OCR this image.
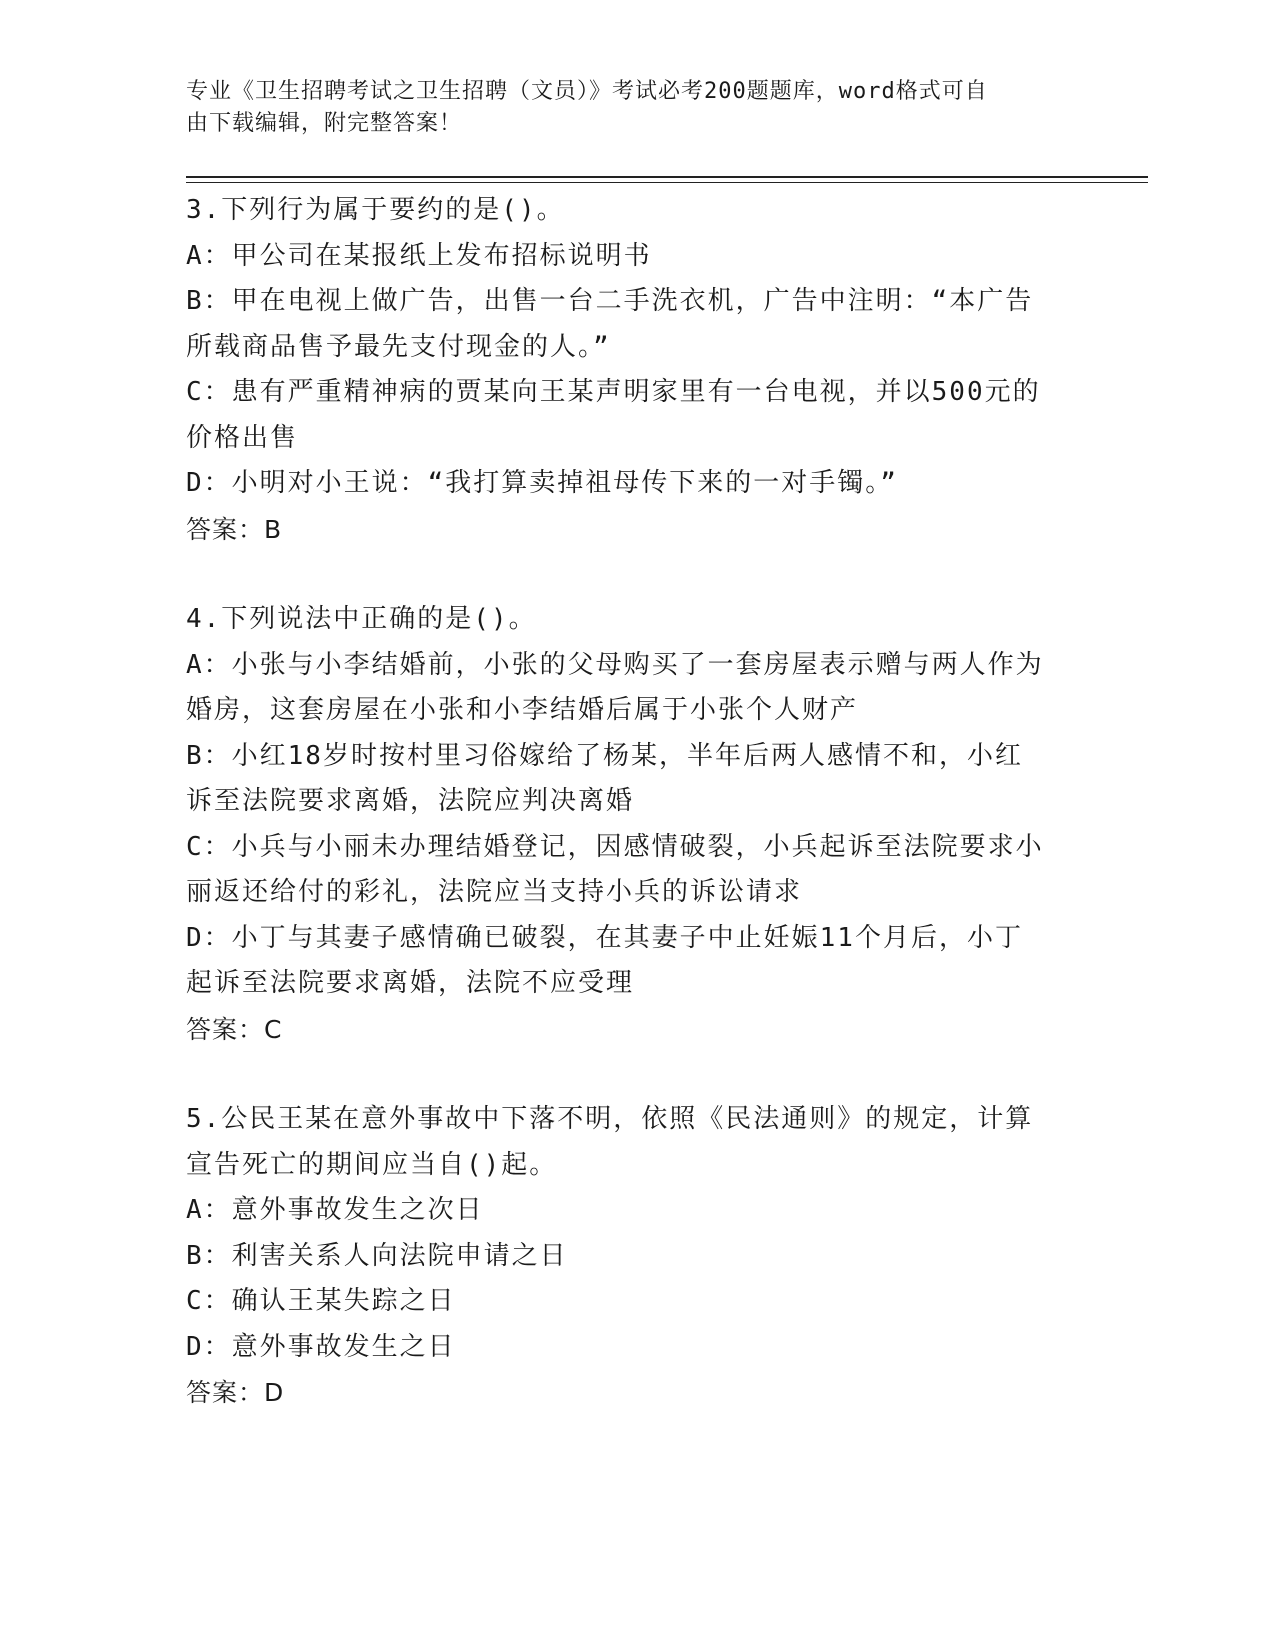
专业《卫生招聘考试之卫生招聘（文员）》考试必考200题题库，word格式可自
由下载编辑，附完整答案！
3.下列行为属于要约的是()。
A：甲公司在某报纸上发布招标说明书
B：甲在电视上做广告，出售一台二手洗衣机，广告中注明：“本广告
所载商品售予最先支付现金的人。”
C：患有严重精神病的贾某向王某声明家里有一台电视，并以500元的
价格出售
D：小明对小王说：“我打算卖掉祖母传下来的一对手镯。”
答案：B
4.下列说法中正确的是()。
A：小张与小李结婚前，小张的父母购买了一套房屋表示赠与两人作为
婚房，这套房屋在小张和小李结婚后属于小张个人财产
B：小红18岁时按村里习俗嫁给了杨某，半年后两人感情不和，小红
诉至法院要求离婚，法院应判决离婚
C：小兵与小丽未办理结婚登记，因感情破裂，小兵起诉至法院要求小
丽返还给付的彩礼，法院应当支持小兵的诉讼请求
D：小丁与其妻子感情确已破裂，在其妻子中止妊娠11个月后，小丁
起诉至法院要求离婚，法院不应受理
答案：C
5.公民王某在意外事故中下落不明，依照《民法通则》的规定，计算
宣告死亡的期间应当自()起。
A：意外事故发生之次日
B：利害关系人向法院申请之日
C：确认王某失踪之日
D：意外事故发生之日
答案：D
